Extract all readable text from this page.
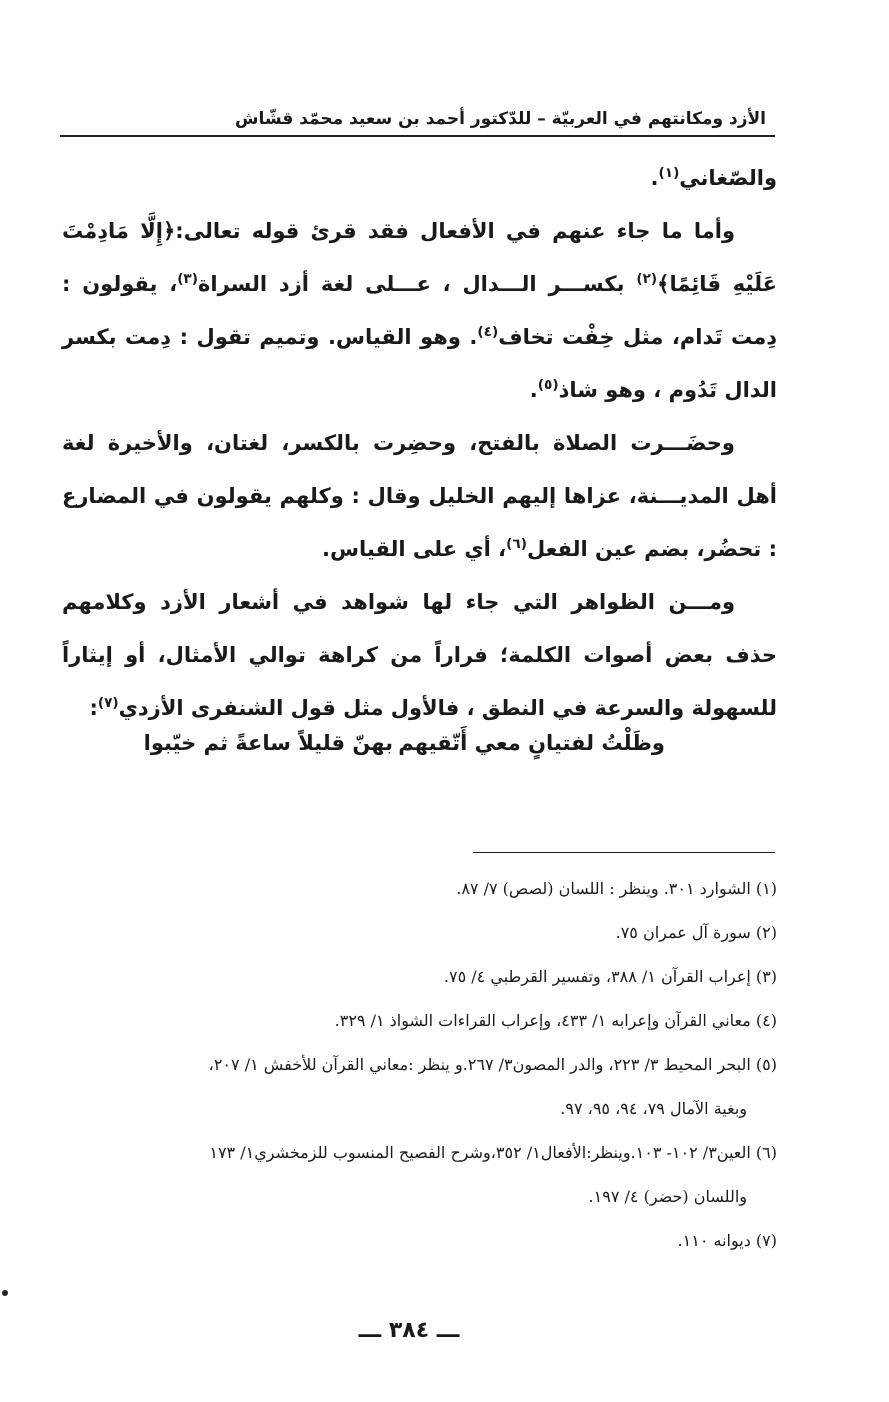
الأزد ومكانتهم في العربيّة – للدّكتور أحمد بن سعيد محمّد قشّاش

والصّغاني$^{(١)}$.

وأما ما جاء عنهم في الأفعال فقد قرئ قوله تعالى:﴿إِلَّا مَادِمْتَ عَلَيْهِ قَائِمًا﴾$^{(٢)}$ بكســـر الـــدال ، عـــلى لغة أزد السراة$^{(٣)}$، يقولون : دِمت تَدام، مثل خِفْت تخاف$^{(٤)}$. وهو القياس. وتميم تقول : دِمت بكسر الدال تَدُوم ، وهو شاذ$^{(٥)}$.

وحضَـــرت الصلاة بالفتح، وحضِرت بالكسر، لغتان، والأخيرة لغة أهل المديـــنة، عزاها إليهم الخليل وقال : وكلهم يقولون في المضارع : تحضُر، بضم عين الفعل$^{(٦)}$، أي على القياس.

ومـــن الظواهر التي جاء لها شواهد في أشعار الأزد وكلامهم حذف بعض أصوات الكلمة؛ فراراً من كراهة توالي الأمثال، أو إيثاراً للسهولة والسرعة في النطق ، فالأول مثل قول الشنفرى الأزدي$^{(٧)}$:

وظَلْتُ لفتيانٍ معي أَتّقيهم
بهنّ قليلاً ساعةً ثم خيّبوا
(١) الشوارد ٣٠١. وينظر : اللسان (لصص) ٧/ ٨٧.
(٢) سورة آل عمران ٧٥.
(٣) إعراب القرآن ١/ ٣٨٨، وتفسير القرطبي ٤/ ٧٥.
(٤) معاني القرآن وإعرابه ١/ ٤٣٣، وإعراب القراءات الشواذ ١/ ٣٢٩.
(٥) البحر المحيط ٣/ ٢٢٣، والدر المصون٣/ ٢٦٧.و ينظر :معاني القرآن للأخفش ١/ ٢٠٧،
وبغية الآمال ٧٩، ٩٤، ٩٥، ٩٧.
(٦) العين٣/ ١٠٢- ١٠٣.وينظر:الأفعال١/ ٣٥٢،وشرح الفصيح المنسوب للزمخشري١/ ١٧٣
واللسان (حضر) ٤/ ١٩٧.
(٧) ديوانه ١١٠.
ـــ ٣٨٤ ـــ
